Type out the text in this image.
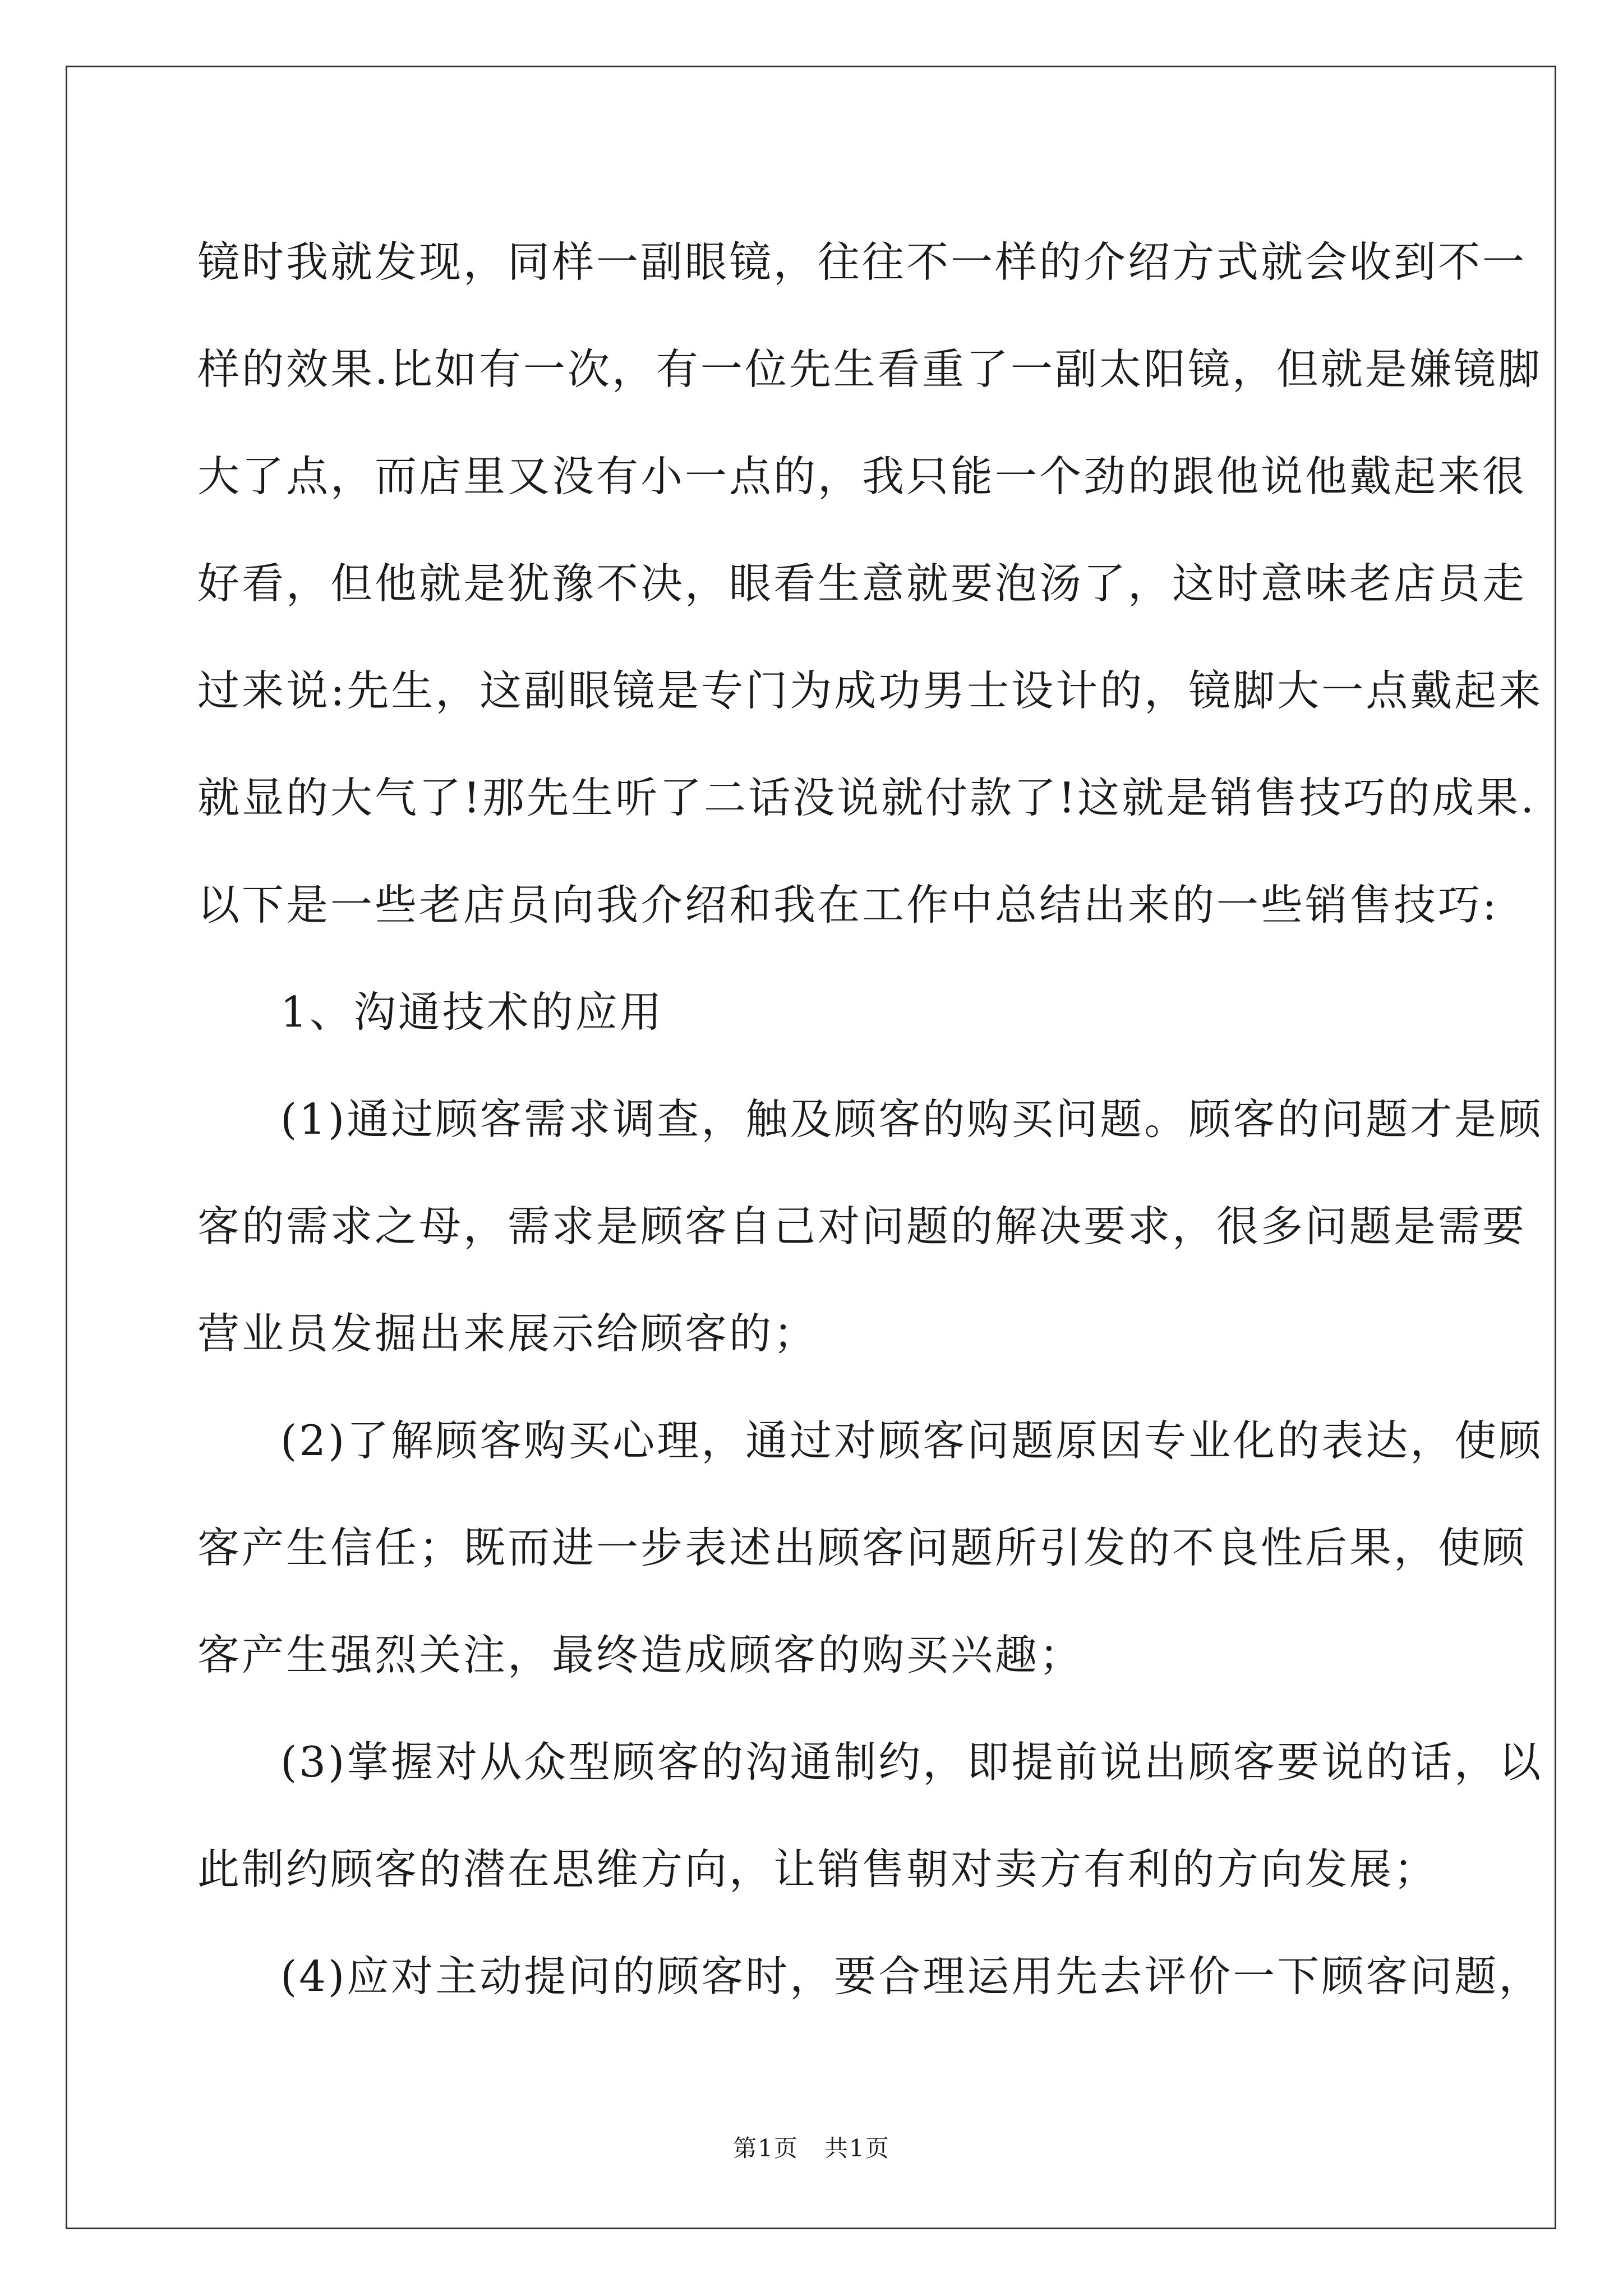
镜时我就发现，同样一副眼镜，往往不一样的介绍方式就会收到不一
样的效果.比如有一次，有一位先生看重了一副太阳镜，但就是嫌镜脚
大了点，而店里又没有小一点的，我只能一个劲的跟他说他戴起来很
好看，但他就是犹豫不决，眼看生意就要泡汤了，这时意味老店员走
过来说:先生，这副眼镜是专门为成功男士设计的，镜脚大一点戴起来
就显的大气了!那先生听了二话没说就付款了!这就是销售技巧的成果.
以下是一些老店员向我介绍和我在工作中总结出来的一些销售技巧:
1、沟通技术的应用
(1)通过顾客需求调查，触及顾客的购买问题。顾客的问题才是顾
客的需求之母，需求是顾客自己对问题的解决要求，很多问题是需要
营业员发掘出来展示给顾客的；
(2)了解顾客购买心理，通过对顾客问题原因专业化的表达，使顾
客产生信任；既而进一步表述出顾客问题所引发的不良性后果，使顾
客产生强烈关注，最终造成顾客的购买兴趣；
(3)掌握对从众型顾客的沟通制约，即提前说出顾客要说的话，以
此制约顾客的潜在思维方向，让销售朝对卖方有利的方向发展；
(4)应对主动提问的顾客时，要合理运用先去评价一下顾客问题，
第1页   共1页
